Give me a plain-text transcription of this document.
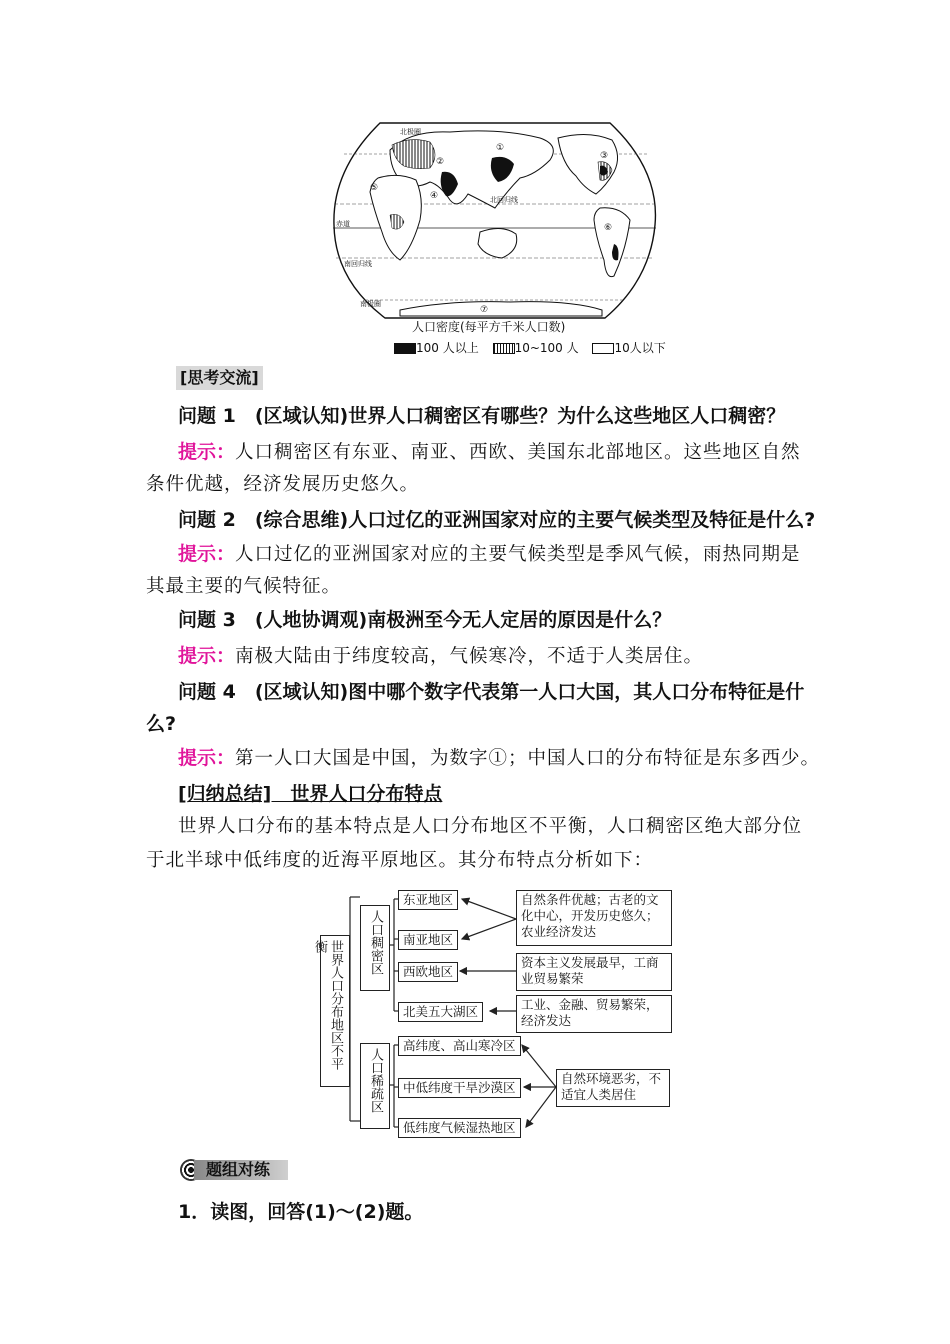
①
②
③
④
⑤
⑥
⑦
北极圈
北回归线
赤道
南回归线
南极圈
人口密度(每平方千米人口数)
100 人以上	10~100 人	10人以下
[思考交流]
问题 1　 (区域认知)世界人口稠密区有哪些？为什么这些地区人口稠密？
提示：人口稠密区有东亚、南亚、西欧、美国东北部地区。这些地区自然
条件优越，经济发展历史悠久。
问题 2　 (综合思维)人口过亿的亚洲国家对应的主要气候类型及特征是什么?
提示：人口过亿的亚洲国家对应的主要气候类型是季风气候，雨热同期是
其最主要的气候特征。
问题 3　 (人地协调观)南极洲至今无人定居的原因是什么？
提示：南极大陆由于纬度较高，气候寒冷，不适于人类居住。
问题 4　 (区域认知)图中哪个数字代表第一人口大国，其人口分布特征是什
么?
提示：第一人口大国是中国，为数字①；中国人口的分布特征是东多西少。
[归纳总结]　世界人口分布特点
世界人口分布的基本特点是人口分布地区不平衡，人口稠密区绝大部分位
于北半球中低纬度的近海平原地区。其分布特点分析如下：
世界人口分布地区不平衡	人口稠密区
人口稀疏区
东亚地区
南亚地区
西欧地区
北美五大湖区
自然条件优越；古老的文化中心，开发历史悠久；农业经济发达
资本主义发展最早，工商业贸易繁荣
工业、金融、贸易繁荣，经济发达
高纬度、高山寒冷区
中低纬度干旱沙漠区
低纬度气候湿热地区
自然环境恶劣，不适宜人类居住
题组对练
1．读图，回答(1)～(2)题。
